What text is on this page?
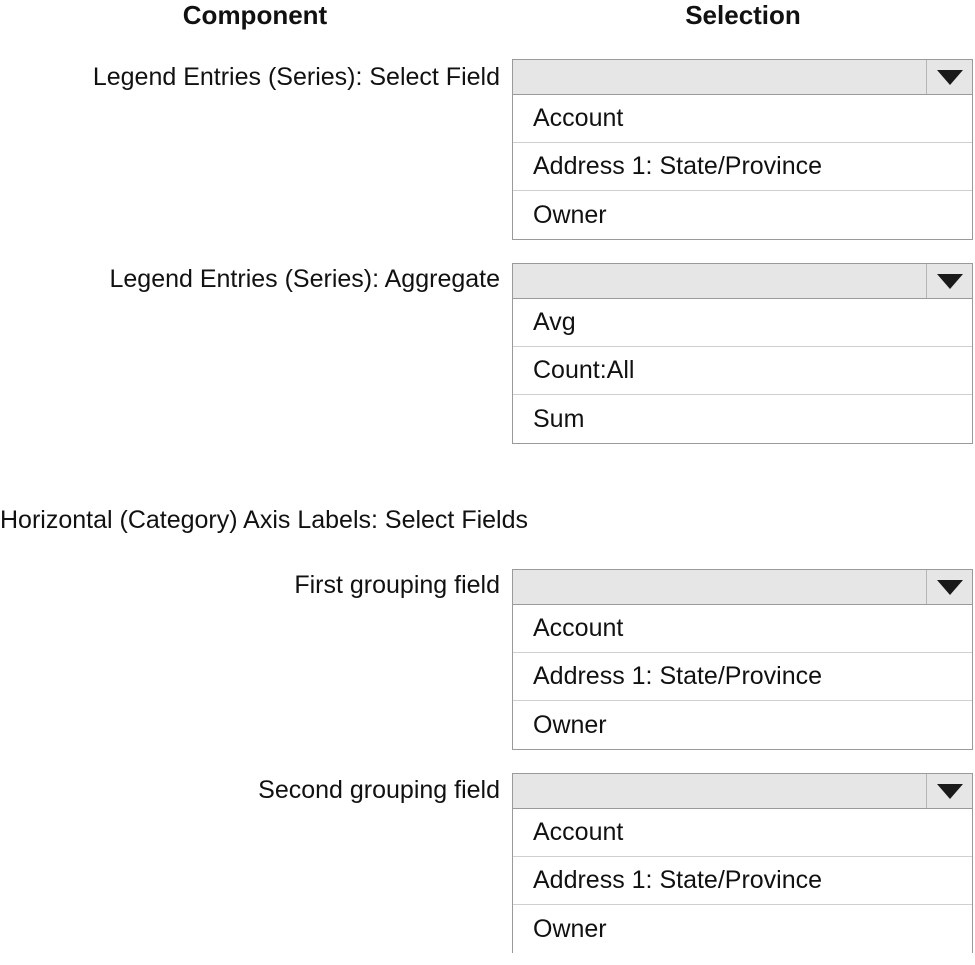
Component	Selection
Legend Entries (Series): Select Field
Account
Address 1: State/Province
Owner
Legend Entries (Series): Aggregate
Avg
Count:All
Sum
Horizontal (Category) Axis Labels: Select Fields
First grouping field
Account
Address 1: State/Province
Owner
Second grouping field
Account
Address 1: State/Province
Owner
